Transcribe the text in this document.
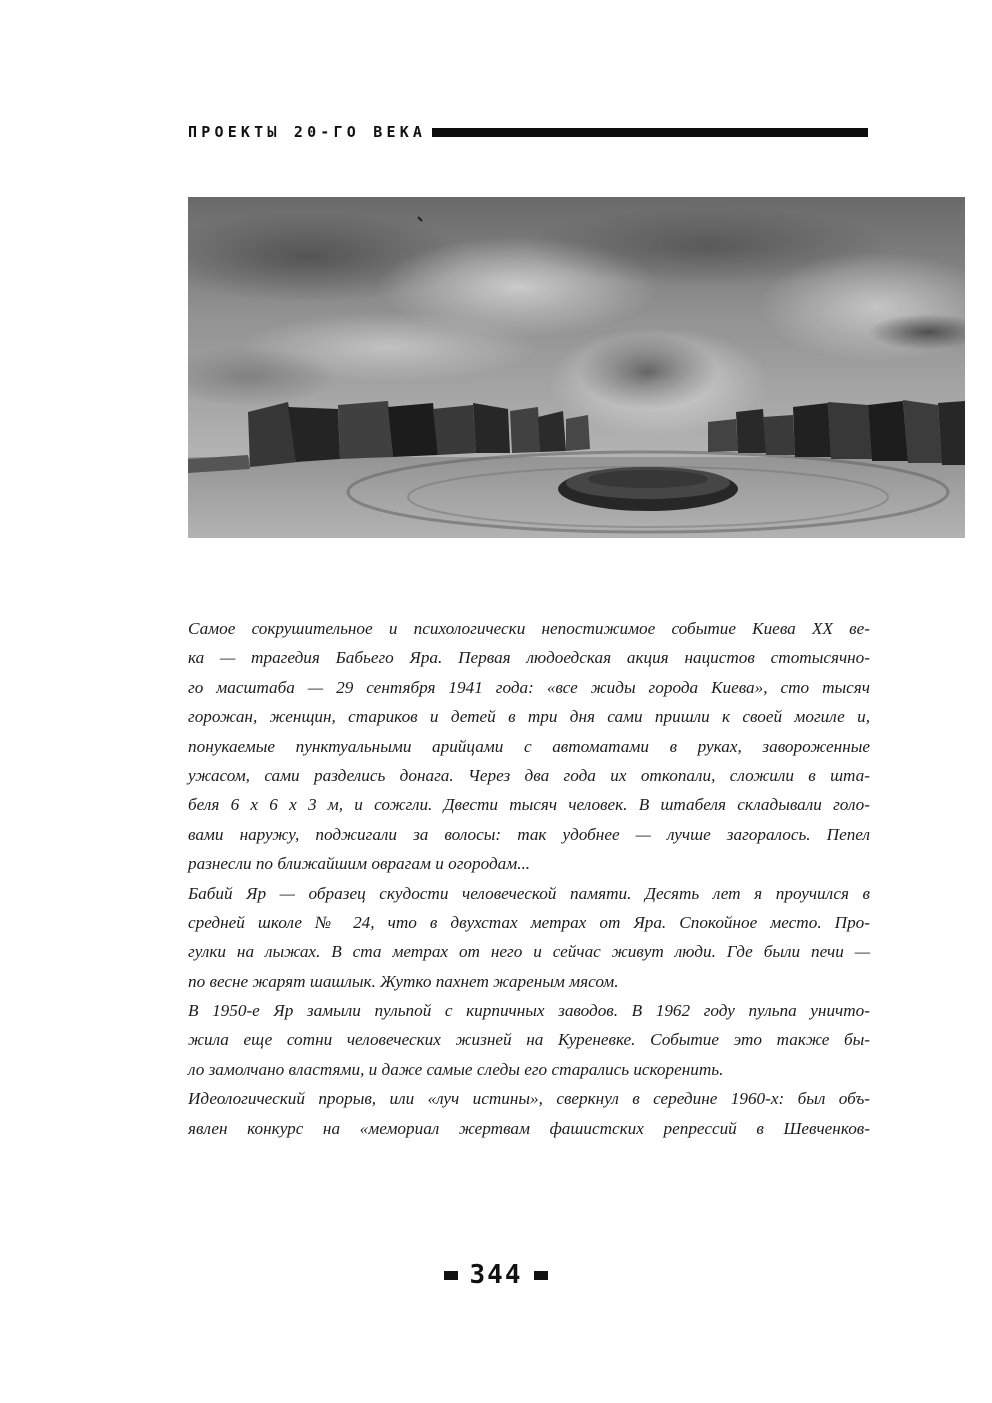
ПРОЕКТЫ 20-ГО ВЕКА
Самое сокрушительное и психологически непостижимое событие Киева XX ве-
ка — трагедия Бабьего Яра. Первая людоедская акция нацистов стотысячно-
го масштаба — 29 сентября 1941 года: «все жиды города Киева», сто тысяч
горожан, женщин, стариков и детей в три дня сами пришли к своей могиле и,
понукаемые пунктуальными арийцами с автоматами в руках, завороженные
ужасом, сами разделись донага. Через два года их откопали, сложили в шта-
беля 6 х 6 х 3 м, и сожгли. Двести тысяч человек. В штабеля складывали голо-
вами наружу, поджигали за волосы: так удобнее — лучше загоралось. Пепел
разнесли по ближайшим оврагам и огородам...
Бабий Яр — образец скудости человеческой памяти. Десять лет я проучился в
средней школе № 24, что в двухстах метрах от Яра. Спокойное место. Про-
гулки на лыжах. В ста метрах от него и сейчас живут люди. Где были печи —
по весне жарят шашлык. Жутко пахнет жареным мясом.
В 1950-е Яр замыли пульпой с кирпичных заводов. В 1962 году пульпа уничто-
жила еще сотни человеческих жизней на Куреневке. Событие это также бы-
ло замолчано властями, и даже самые следы его старались искоренить.
Идеологический прорыв, или «луч истины», сверкнул в середине 1960-х: был объ-
явлен конкурс на «мемориал жертвам фашистских репрессий в Шевченков-
344
